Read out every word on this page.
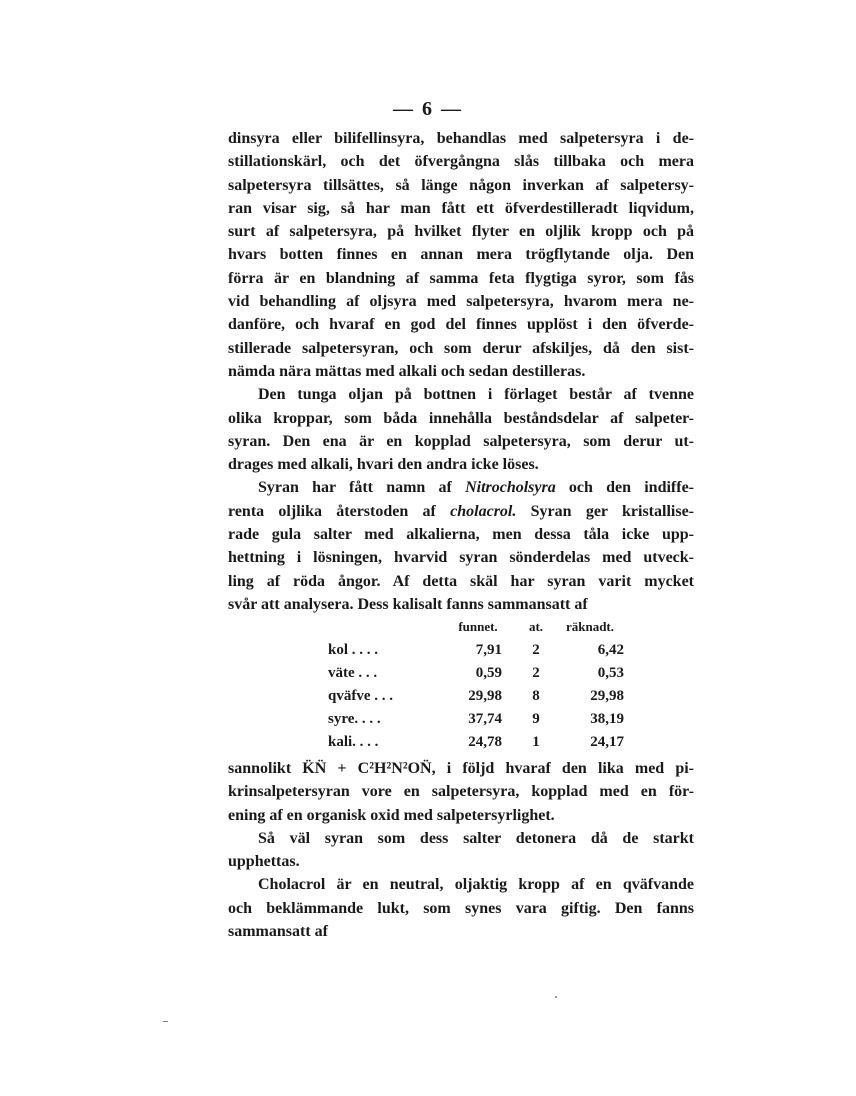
— 6 —

dinsyra eller bilifellinsyra, behandlas med salpetersyra i de-
stillationskärl, och det öfvergångna slås tillbaka och mera
salpetersyra tillsättes, så länge någon inverkan af salpetersy-
ran visar sig, så har man fått ett öfverdestilleradt liqvidum,
surt af salpetersyra, på hvilket flyter en oljlik kropp och på
hvars botten finnes en annan mera trögflytande olja. Den
förra är en blandning af samma feta flygtiga syror, som fås
vid behandling af oljsyra med salpetersyra, hvarom mera ne-
danföre, och hvaraf en god del finnes upplöst i den öfverde-
stillerade salpetersyran, och som derur afskiljes, då den sist-
nämda nära mättas med alkali och sedan destilleras.

Den tunga oljan på bottnen i förlaget består af tvenne
olika kroppar, som båda innehålla beståndsdelar af salpeter-
syran. Den ena är en kopplad salpetersyra, som derur ut-
drages med alkali, hvari den andra icke löses.

Syran har fått namn af Nitrocholsyra och den indiffe-
renta oljlika återstoden af cholacrol. Syran ger kristallise-
rade gula salter med alkalierna, men dessa tåla icke upp-
hettning i lösningen, hvarvid syran sönderdelas med utveck-
ling af röda ångor. Af detta skäl har syran varit mycket
svår att analysera. Dess kalisalt fanns sammansatt af

	funnet.	at.	räknadt.
kol . . . .	7,91	2	6,42
väte . . .	0,59	2	0,53
qväfve . . .	29,98	8	29,98
syre. . . .	37,74	9	38,19
kali. . . .	24,78	1	24,17

sannolikt K̈N̈ + C²H²N²ON̈, i följd hvaraf den lika med pi-
krinsalpetersyran vore en salpetersyra, kopplad med en för-
ening af en organisk oxid med salpetersyrlighet.

Så väl syran som dess salter detonera då de starkt
upphettas.

Cholacrol är en neutral, oljaktig kropp af en qväfvande
och beklämmande lukt, som synes vara giftig. Den fanns
sammansatt af
